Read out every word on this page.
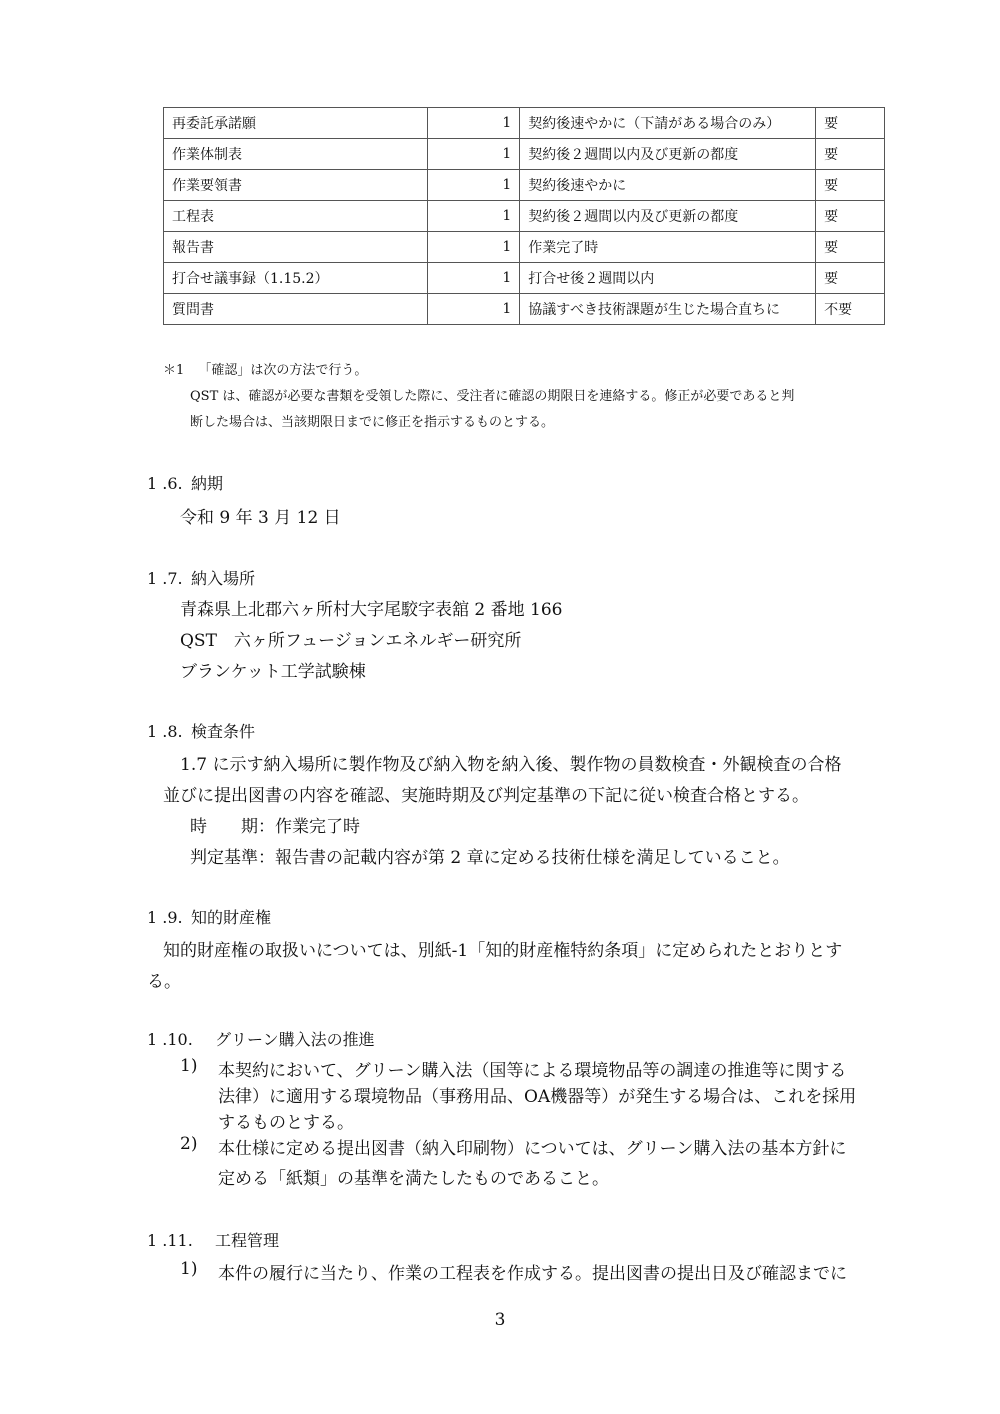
再委託承諾願	1	契約後速やかに（下請がある場合のみ）	要
作業体制表	1	契約後２週間以内及び更新の都度	要
作業要領書	1	契約後速やかに	要
工程表	1	契約後２週間以内及び更新の都度	要
報告書	1	作業完了時	要
打合せ議事録（1.15.2）	1	打合せ後２週間以内	要
質問書	1	協議すべき技術課題が生じた場合直ちに	不要
＊1 「確認」は次の方法で行う。
QST は、確認が必要な書類を受領した際に、受注者に確認の期限日を連絡する。修正が必要であると判
断した場合は、当該期限日までに修正を指示するものとする。
1 .6. 納期
令和 9 年 3 月 12 日
1 .7. 納入場所
青森県上北郡六ヶ所村大字尾駮字表舘 2 番地 166
QST　六ヶ所フュージョンエネルギー研究所
ブランケット工学試験棟
1 .8. 検査条件
1.7 に示す納入場所に製作物及び納入物を納入後、製作物の員数検査・外観検査の合格
並びに提出図書の内容を確認、実施時期及び判定基準の下記に従い検査合格とする。
時　　期：作業完了時
判定基準：報告書の記載内容が第 2 章に定める技術仕様を満足していること。
1 .9. 知的財産権
知的財産権の取扱いについては、別紙-1「知的財産権特約条項」に定められたとおりとす
る。
1 .10. グリーン購入法の推進
1) 本契約において、グリーン購入法（国等による環境物品等の調達の推進等に関する
法律）に適用する環境物品（事務用品、OA機器等）が発生する場合は、これを採用
するものとする。
2) 本仕様に定める提出図書（納入印刷物）については、グリーン購入法の基本方針に
定める「紙類」の基準を満たしたものであること。
1 .11. 工程管理
1) 本件の履行に当たり、作業の工程表を作成する。提出図書の提出日及び確認までに
3
